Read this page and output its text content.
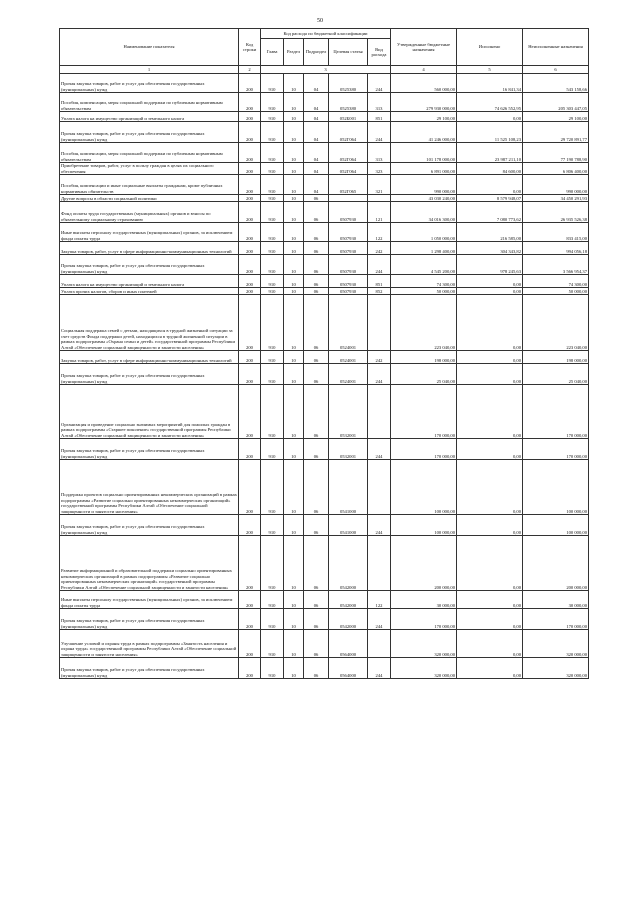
50
Наименование показателя	Код строки	Код расхода по бюджетной классификации					Утвержденные бюджетные назначения	Исполнено	Неисполненные назначения
		Глава	Раздел	Подраздел	Целевая статья	Вид расхода			
1	2	3					4	5	6
Прочая закупка товаров, работ и услуг для обеспечения государственных (муниципальных) нужд	200	910	10	04	0525380	244	560 000,00	16 841,34	543 158,66
Пособия, компенсации, меры социальной поддержки по публичным нормативным обязательствам	200	910	10	04	0525380	313	279 930 000,00	74 626 552,95	205 303 447,05
Уплата налога на имущество организаций и земельного налога	200	910	10	04	052Б001	851	29 100,00	0,00	29 100,00
Прочая закупка товаров, работ и услуг для обеспечения государственных (муниципальных) нужд	200	910	10	04	052Г064	244	41 246 000,00	11 525 108,23	29 720 891,77
Пособия, компенсации, меры социальной поддержки по публичным нормативным обязательствам	200	910	10	04	052Г064	313	101 178 000,00	23 987 211,10	77 190 788,90
Приобретение товаров, работ, услуг в пользу граждан в целях их социального обеспечения	200	910	10	04	052Г064	323	6 891 000,00	84 600,00	6 806 400,00
Пособия, компенсации и иные социальные выплаты гражданам, кроме публичных нормативных обязательств	200	910	10	04	052Г065	321	990 000,00	0,00	990 000,00
Другие вопросы в области социальной политики	200	910	10	06			43 030 240,00	8 579 948,07	34 450 291,93
Фонд оплаты труда государственных (муниципальных) органов и взносы по обязательному социальному страхованию	200	910	10	06	0507930	121	34 016 300,00	7 080 773,62	26 935 526,38
Иные выплаты персоналу государственных (муниципальных) органов, за исключением фонда оплаты труда	200	910	10	06	0507930	122	1 050 000,00	216 585,00	833 415,00
Закупка товаров, работ, услуг в сфере информационно-коммуникационных технологий	200	910	10	06	0507930	242	1 298 400,00	304 343,82	994 056,18
Прочая закупка товаров, работ и услуг для обеспечения государственных (муниципальных) нужд	200	910	10	06	0507930	244	4 545 200,00	978 245,63	3 566 954,37
Уплата налога на имущество организаций и земельного налога	200	910	10	06	0507930	851	74 300,00	0,00	74 300,00
Уплата прочих налогов, сборов и иных платежей	200	910	10	06	0507930	852	50 000,00	0,00	50 000,00
Социальная поддержка семей с детьми, находящихся в трудной жизненной ситуации за счет средств Фонда поддержки детей, находящихся в трудной жизненной ситуации в рамках подпрограммы «Охрана семьи и детей» государственной программы Республики Алтай «Обеспечение социальной защищенности и занятости населения»	200	910	10	06	0524001		223 040,00	0,00	223 040,00
Закупка товаров, работ, услуг в сфере информационно-коммуникационных технологий	200	910	10	06	0524001	242	198 000,00	0,00	198 000,00
Прочая закупка товаров, работ и услуг для обеспечения государственных (муниципальных) нужд	200	910	10	06	0524001	244	25 040,00	0,00	25 040,00
Организация и проведение социально значимых мероприятий для пожилых граждан в рамках подпрограммы «Старшее поколение» государственной программы Республики Алтай «Обеспечение социальной защищенности и занятости населения»	200	910	10	06	0532001		170 000,00	0,00	170 000,00
Прочая закупка товаров, работ и услуг для обеспечения государственных (муниципальных) нужд	200	910	10	06	0532001	244	170 000,00	0,00	170 000,00
Поддержка проектов социально ориентированных некоммерческих организаций в рамках подпрограммы «Развитие социально ориентированных некоммерческих организаций» государственной программы Республики Алтай «Обеспечение социальной защищенности и занятости населения»	200	910	10	06	0541000		100 000,00	0,00	100 000,00
Прочая закупка товаров, работ и услуг для обеспечения государственных (муниципальных) нужд	200	910	10	06	0541000	244	100 000,00	0,00	100 000,00
Развитие информационной и образовательной поддержки социально ориентированных некоммерческих организаций в рамках подпрограммы «Развитие социально ориентированных некоммерческих организаций» государственной программы Республики Алтай «Обеспечение социальной защищенности и занятости населения»	200	910	10	06	0542000		200 000,00	0,00	200 000,00
Иные выплаты персоналу государственных (муниципальных) органов, за исключением фонда оплаты труда	200	910	10	06	0542000	122	30 000,00	0,00	30 000,00
Прочая закупка товаров, работ и услуг для обеспечения государственных (муниципальных) нужд	200	910	10	06	0542000	244	170 000,00	0,00	170 000,00
Улучшение условий и охраны труда в рамках подпрограммы «Занятость населения и охрана труда» государственной программы Республики Алтай «Обеспечение социальной защищенности и занятости населения»	200	910	10	06	0564000		320 000,00	0,00	320 000,00
Прочая закупка товаров, работ и услуг для обеспечения государственных (муниципальных) нужд	200	910	10	06	0564000	244	320 000,00	0,00	320 000,00
